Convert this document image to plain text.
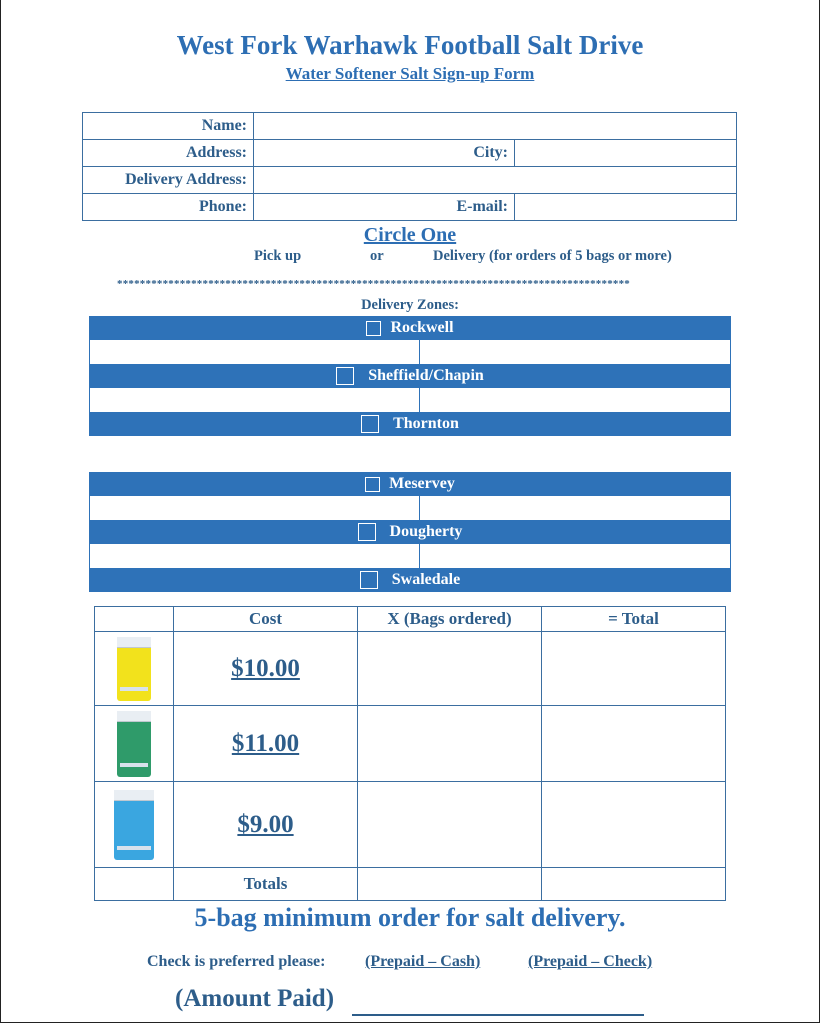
West Fork Warhawk Football Salt Drive
Water Softener Salt Sign-up Form
Name:		
Address:	City:	
Delivery Address:		
Phone:	E-mail:	
Circle One
Pick up	or	Delivery (for orders of 5 bags or more)
******************************************************************************************
Delivery Zones:
Rockwell
Sheffield/Chapin
Thornton
Meservey
Dougherty
Swaledale
	Cost	X (Bags ordered)	= Total

	$10.00		

	$11.00		

	$9.00		
	Totals		
5-bag minimum order for salt delivery.
Check is preferred please: (Prepaid – Cash)	(Prepaid – Check)
(Amount Paid)
